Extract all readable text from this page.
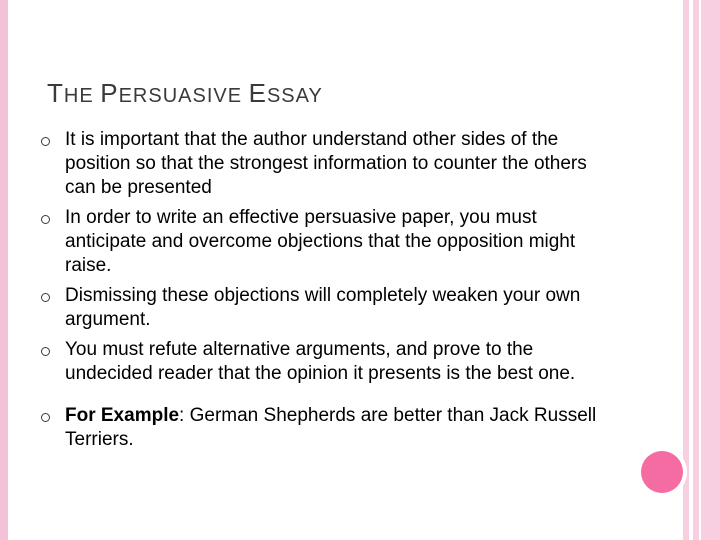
THE PERSUASIVE ESSAY
It is important that the author understand other sides of the position so that the strongest information to counter the others can be presented
In order to write an effective persuasive paper, you must anticipate and overcome objections that the opposition might raise.
Dismissing these objections will completely weaken your own argument.
You must refute alternative arguments, and prove to the undecided reader that the opinion it presents is the best one.
For Example: German Shepherds are better than Jack Russell Terriers.
